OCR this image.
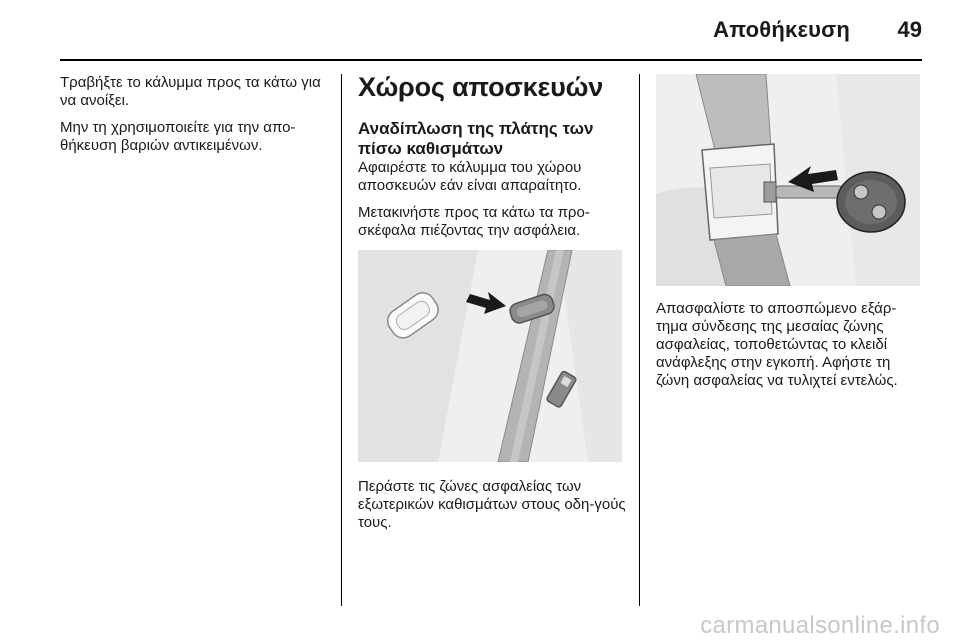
Αποθήκευση	49

Τραβήξτε το κάλυμμα προς τα κάτω για να ανοίξει.

Μην τη χρησιμοποιείτε για την απο-θήκευση βαριών αντικειμένων.

Χώρος αποσκευών
Αναδίπλωση της πλάτης των πίσω καθισμάτων

Αφαιρέστε το κάλυμμα του χώρου αποσκευών εάν είναι απαραίτητο.

Μετακινήστε προς τα κάτω τα προ-σκέφαλα πιέζοντας την ασφάλεια.

Περάστε τις ζώνες ασφαλείας των εξωτερικών καθισμάτων στους οδη-γούς τους.

Απασφαλίστε το αποσπώμενο εξάρ-τημα σύνδεσης της μεσαίας ζώνης ασφαλείας, τοποθετώντας το κλειδί ανάφλεξης στην εγκοπή. Αφήστε τη ζώνη ασφαλείας να τυλιχτεί εντελώς.

carmanualsonline.info
